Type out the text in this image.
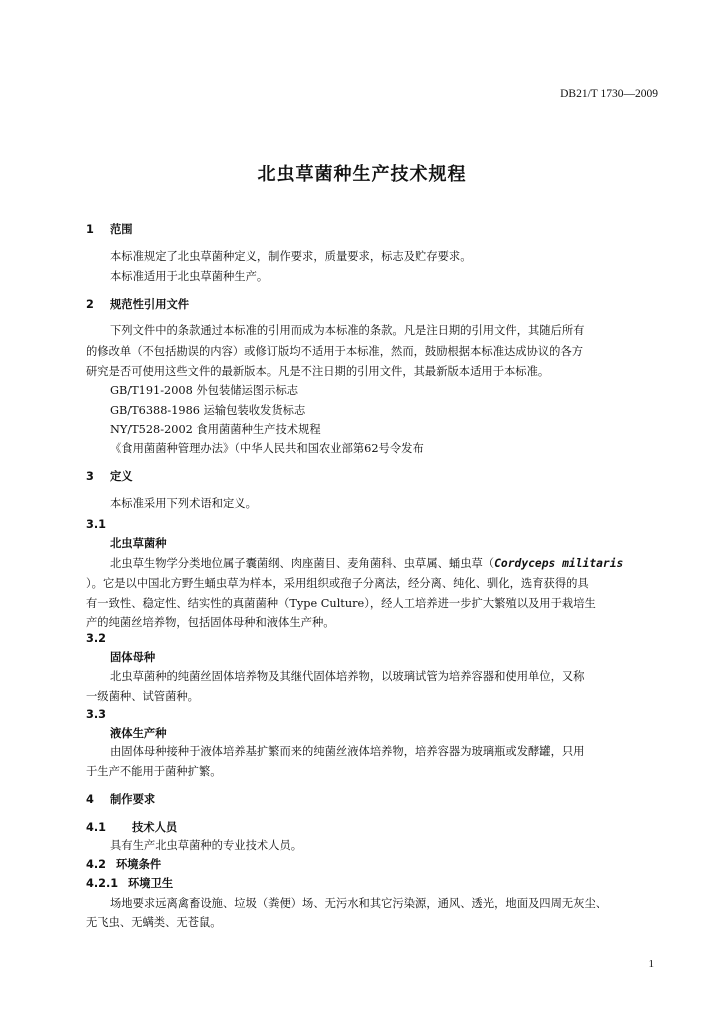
DB21/T 1730—2009
北虫草菌种生产技术规程
1 范围
本标准规定了北虫草菌种定义，制作要求，质量要求，标志及贮存要求。
本标准适用于北虫草菌种生产。
2 规范性引用文件
下列文件中的条款通过本标准的引用而成为本标准的条款。凡是注日期的引用文件，其随后所有
的修改单（不包括勘误的内容）或修订版均不适用于本标准，然而，鼓励根据本标准达成协议的各方
研究是否可使用这些文件的最新版本。凡是不注日期的引用文件，其最新版本适用于本标准。
GB/T191-2008 外包装储运图示标志
GB/T6388-1986 运输包装收发货标志
NY/T528-2002 食用菌菌种生产技术规程
《食用菌菌种管理办法》（中华人民共和国农业部第62号令发布
3 定义
本标准采用下列术语和定义。
3.1
北虫草菌种
北虫草生物学分类地位属子囊菌纲、肉座菌目、麦角菌科、虫草属、蛹虫草（Cordyceps militaris
）。它是以中国北方野生蛹虫草为样本，采用组织或孢子分离法，经分离、纯化、驯化，选育获得的具
有一致性、稳定性、结实性的真菌菌种（Type Culture），经人工培养进一步扩大繁殖以及用于栽培生
产的纯菌丝培养物，包括固体母种和液体生产种。
3.2
固体母种
北虫草菌种的纯菌丝固体培养物及其继代固体培养物，以玻璃试管为培养容器和使用单位，又称
一级菌种、试管菌种。
3.3
液体生产种
由固体母种接种于液体培养基扩繁而来的纯菌丝液体培养物，培养容器为玻璃瓶或发酵罐，只用
于生产不能用于菌种扩繁。
4 制作要求
4.1 技术人员
具有生产北虫草菌种的专业技术人员。
4.2 环境条件
4.2.1 环境卫生
场地要求远离禽畜设施、垃圾（粪便）场、无污水和其它污染源，通风、透光，地面及四周无灰尘、
无飞虫、无螨类、无苍鼠。
1
